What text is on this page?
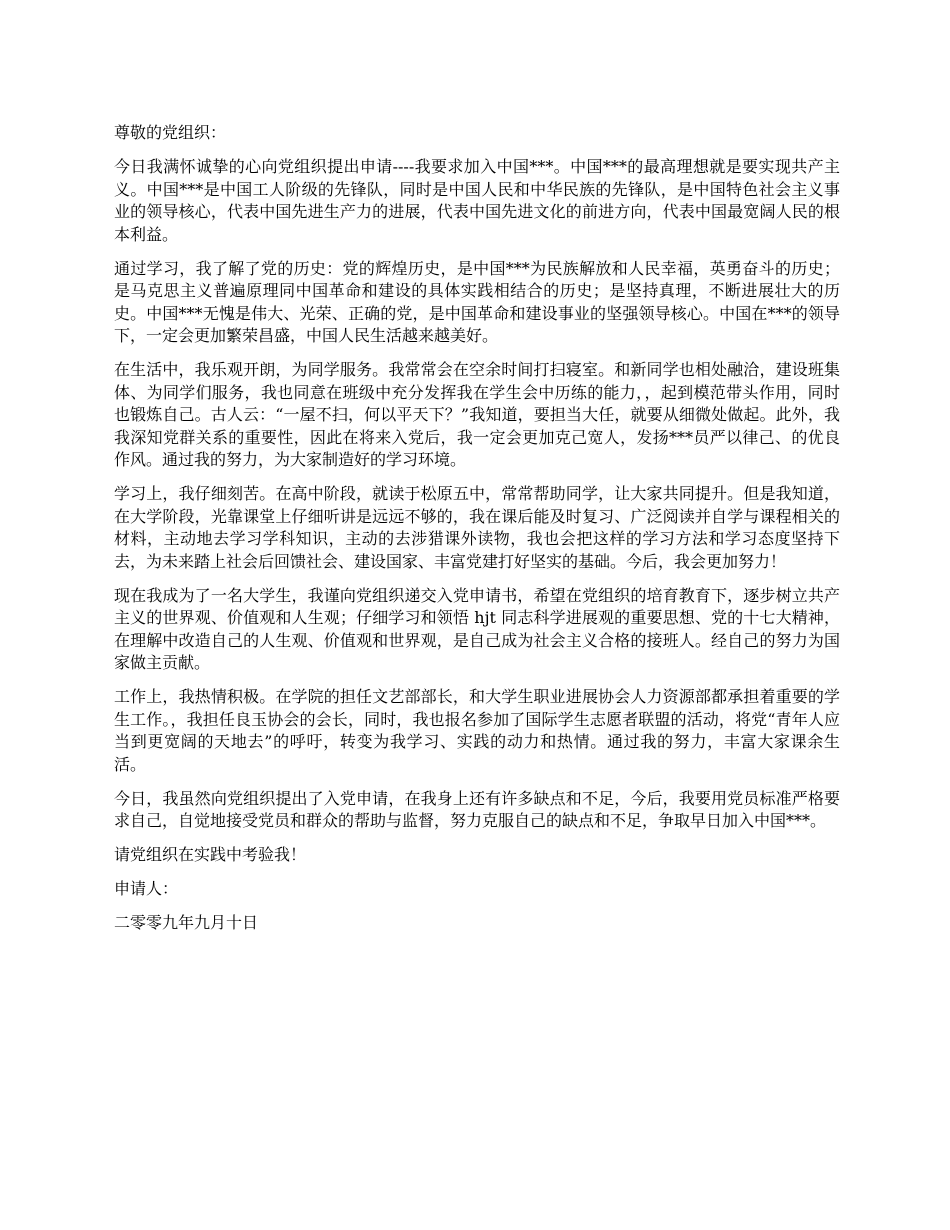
尊敬的党组织：

今日我满怀诚挚的心向党组织提出申请----我要求加入中国***。中国***的最高理想就是要实现共产主义。中国***是中国工人阶级的先锋队，同时是中国人民和中华民族的先锋队，是中国特色社会主义事业的领导核心，代表中国先进生产力的进展，代表中国先进文化的前进方向，代表中国最宽阔人民的根本利益。

通过学习，我了解了党的历史：党的辉煌历史，是中国***为民族解放和人民幸福，英勇奋斗的历史；是马克思主义普遍原理同中国革命和建设的具体实践相结合的历史；是坚持真理，不断进展壮大的历史。中国***无愧是伟大、光荣、正确的党，是中国革命和建设事业的坚强领导核心。中国在***的领导下，一定会更加繁荣昌盛，中国人民生活越来越美好。

在生活中，我乐观开朗，为同学服务。我常常会在空余时间打扫寝室。和新同学也相处融洽，建设班集体、为同学们服务，我也同意在班级中充分发挥我在学生会中历练的能力，，起到模范带头作用，同时也锻炼自己。古人云：“一屋不扫，何以平天下？”我知道，要担当大任，就要从细微处做起。此外，我我深知党群关系的重要性，因此在将来入党后，我一定会更加克己宽人，发扬***员严以律己、的优良作风。通过我的努力，为大家制造好的学习环境。

学习上，我仔细刻苦。在高中阶段，就读于松原五中，常常帮助同学，让大家共同提升。但是我知道，在大学阶段，光靠课堂上仔细听讲是远远不够的，我在课后能及时复习、广泛阅读并自学与课程相关的材料，主动地去学习学科知识，主动的去涉猎课外读物，我也会把这样的学习方法和学习态度坚持下去，为未来踏上社会后回馈社会、建设国家、丰富党建打好坚实的基础。今后，我会更加努力！

现在我成为了一名大学生，我谨向党组织递交入党申请书，希望在党组织的培育教育下，逐步树立共产主义的世界观、价值观和人生观；仔细学习和领悟 hjt 同志科学进展观的重要思想、党的十七大精神，在理解中改造自己的人生观、价值观和世界观，是自己成为社会主义合格的接班人。经自己的努力为国家做主贡献。

工作上，我热情积极。在学院的担任文艺部部长，和大学生职业进展协会人力资源部都承担着重要的学生工作。，我担任良玉协会的会长，同时，我也报名参加了国际学生志愿者联盟的活动，将党“青年人应当到更宽阔的天地去”的呼吁，转变为我学习、实践的动力和热情。通过我的努力，丰富大家课余生活。

今日，我虽然向党组织提出了入党申请，在我身上还有许多缺点和不足，今后，我要用党员标准严格要求自己，自觉地接受党员和群众的帮助与监督，努力克服自己的缺点和不足，争取早日加入中国***。

请党组织在实践中考验我！

申请人：

二零零九年九月十日
